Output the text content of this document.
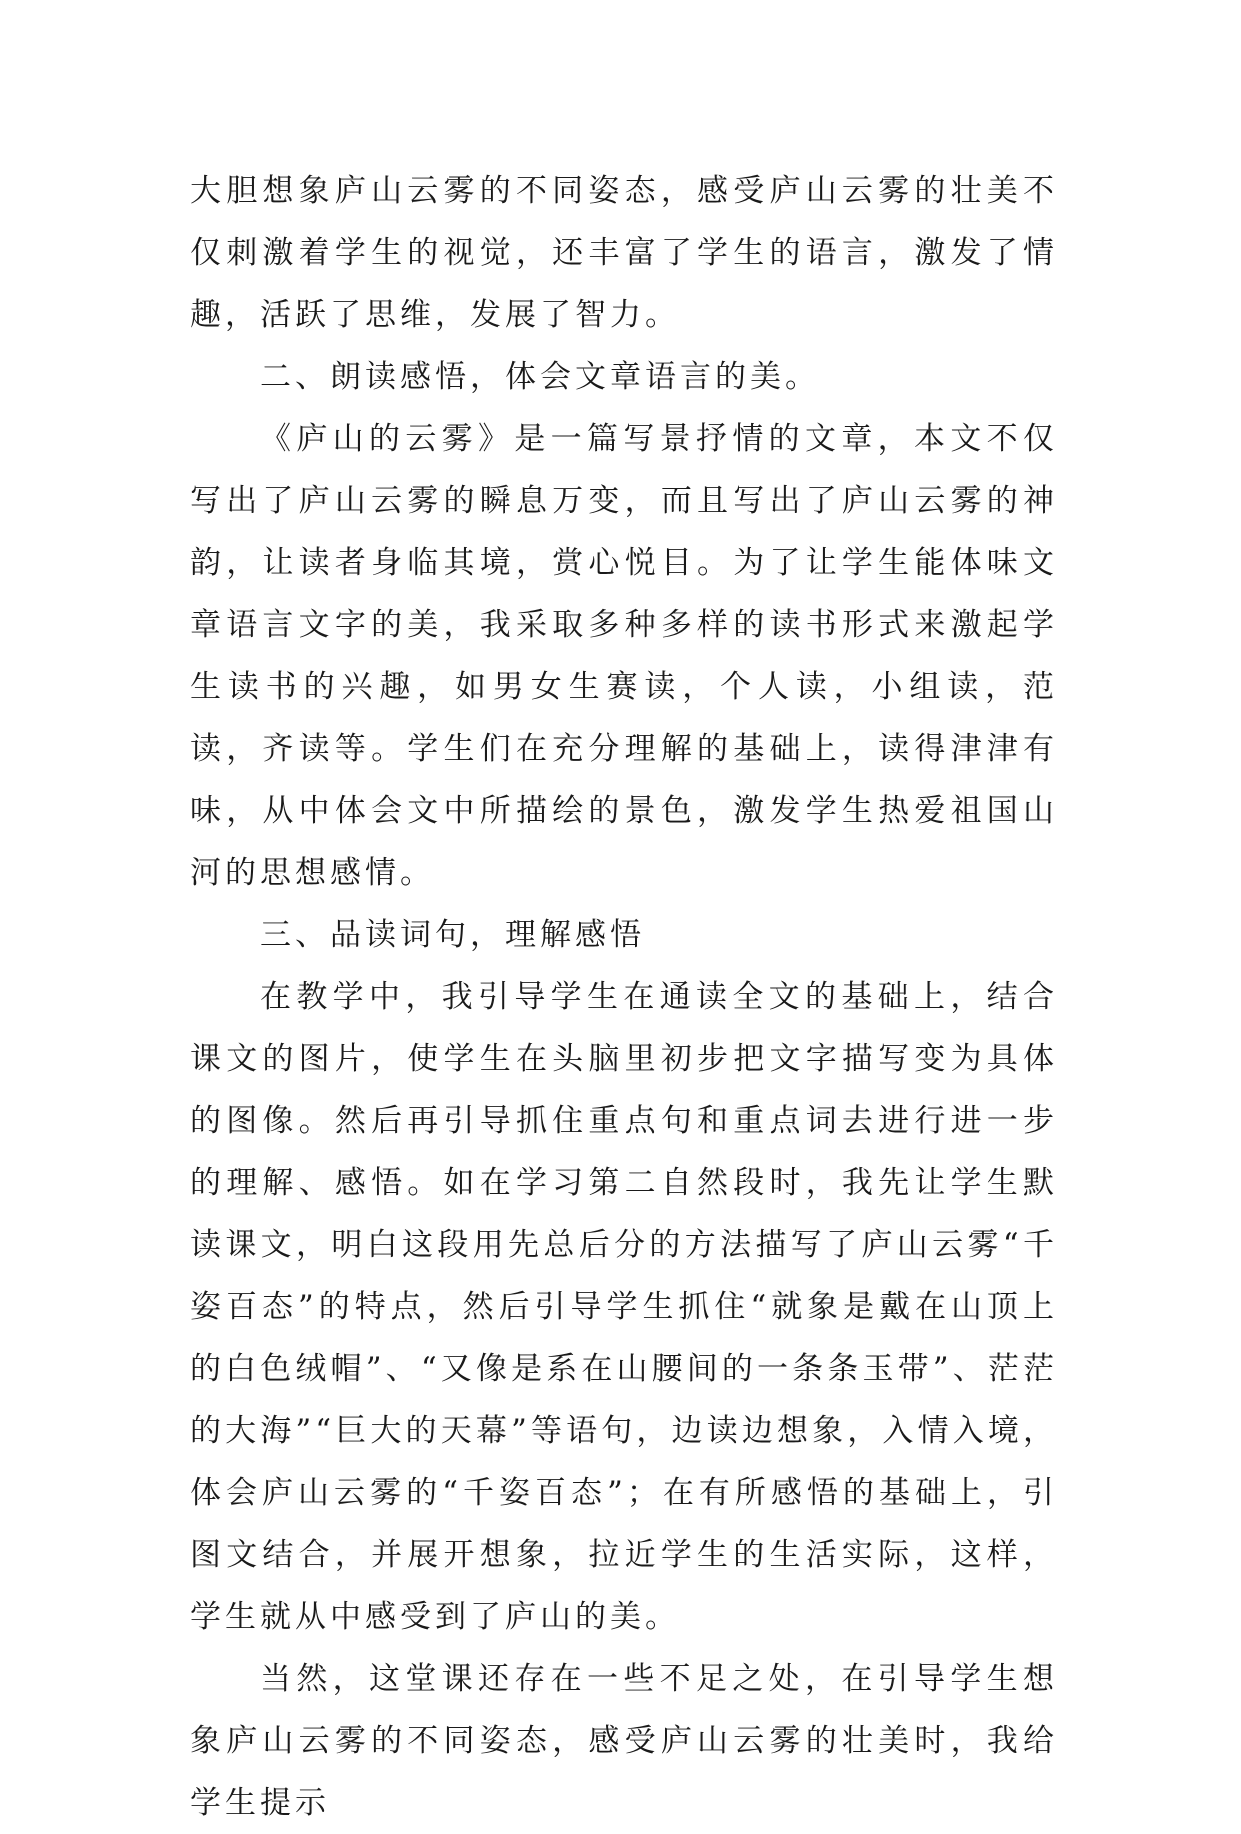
大胆想象庐山云雾的不同姿态，感受庐山云雾的壮美不仅刺激着学生的视觉，还丰富了学生的语言，激发了情趣，活跃了思维，发展了智力。

二、朗读感悟，体会文章语言的美。

《庐山的云雾》是一篇写景抒情的文章，本文不仅写出了庐山云雾的瞬息万变，而且写出了庐山云雾的神韵，让读者身临其境，赏心悦目。为了让学生能体味文章语言文字的美，我采取多种多样的读书形式来激起学生读书的兴趣，如男女生赛读，个人读，小组读，范读，齐读等。学生们在充分理解的基础上，读得津津有味，从中体会文中所描绘的景色，激发学生热爱祖国山河的思想感情。

三、品读词句，理解感悟

在教学中，我引导学生在通读全文的基础上，结合课文的图片，使学生在头脑里初步把文字描写变为具体的图像。然后再引导抓住重点句和重点词去进行进一步的理解、感悟。如在学习第二自然段时，我先让学生默读课文，明白这段用先总后分的方法描写了庐山云雾“千姿百态”的特点，然后引导学生抓住“就象是戴在山顶上的白色绒帽”、“又像是系在山腰间的一条条玉带”、茫茫的大海”“巨大的天幕”等语句，边读边想象，入情入境，体会庐山云雾的“千姿百态”；在有所感悟的基础上，引图文结合，并展开想象，拉近学生的生活实际，这样，学生就从中感受到了庐山的美。

当然，这堂课还存在一些不足之处，在引导学生想象庐山云雾的不同姿态，感受庐山云雾的壮美时，我给学生提示
